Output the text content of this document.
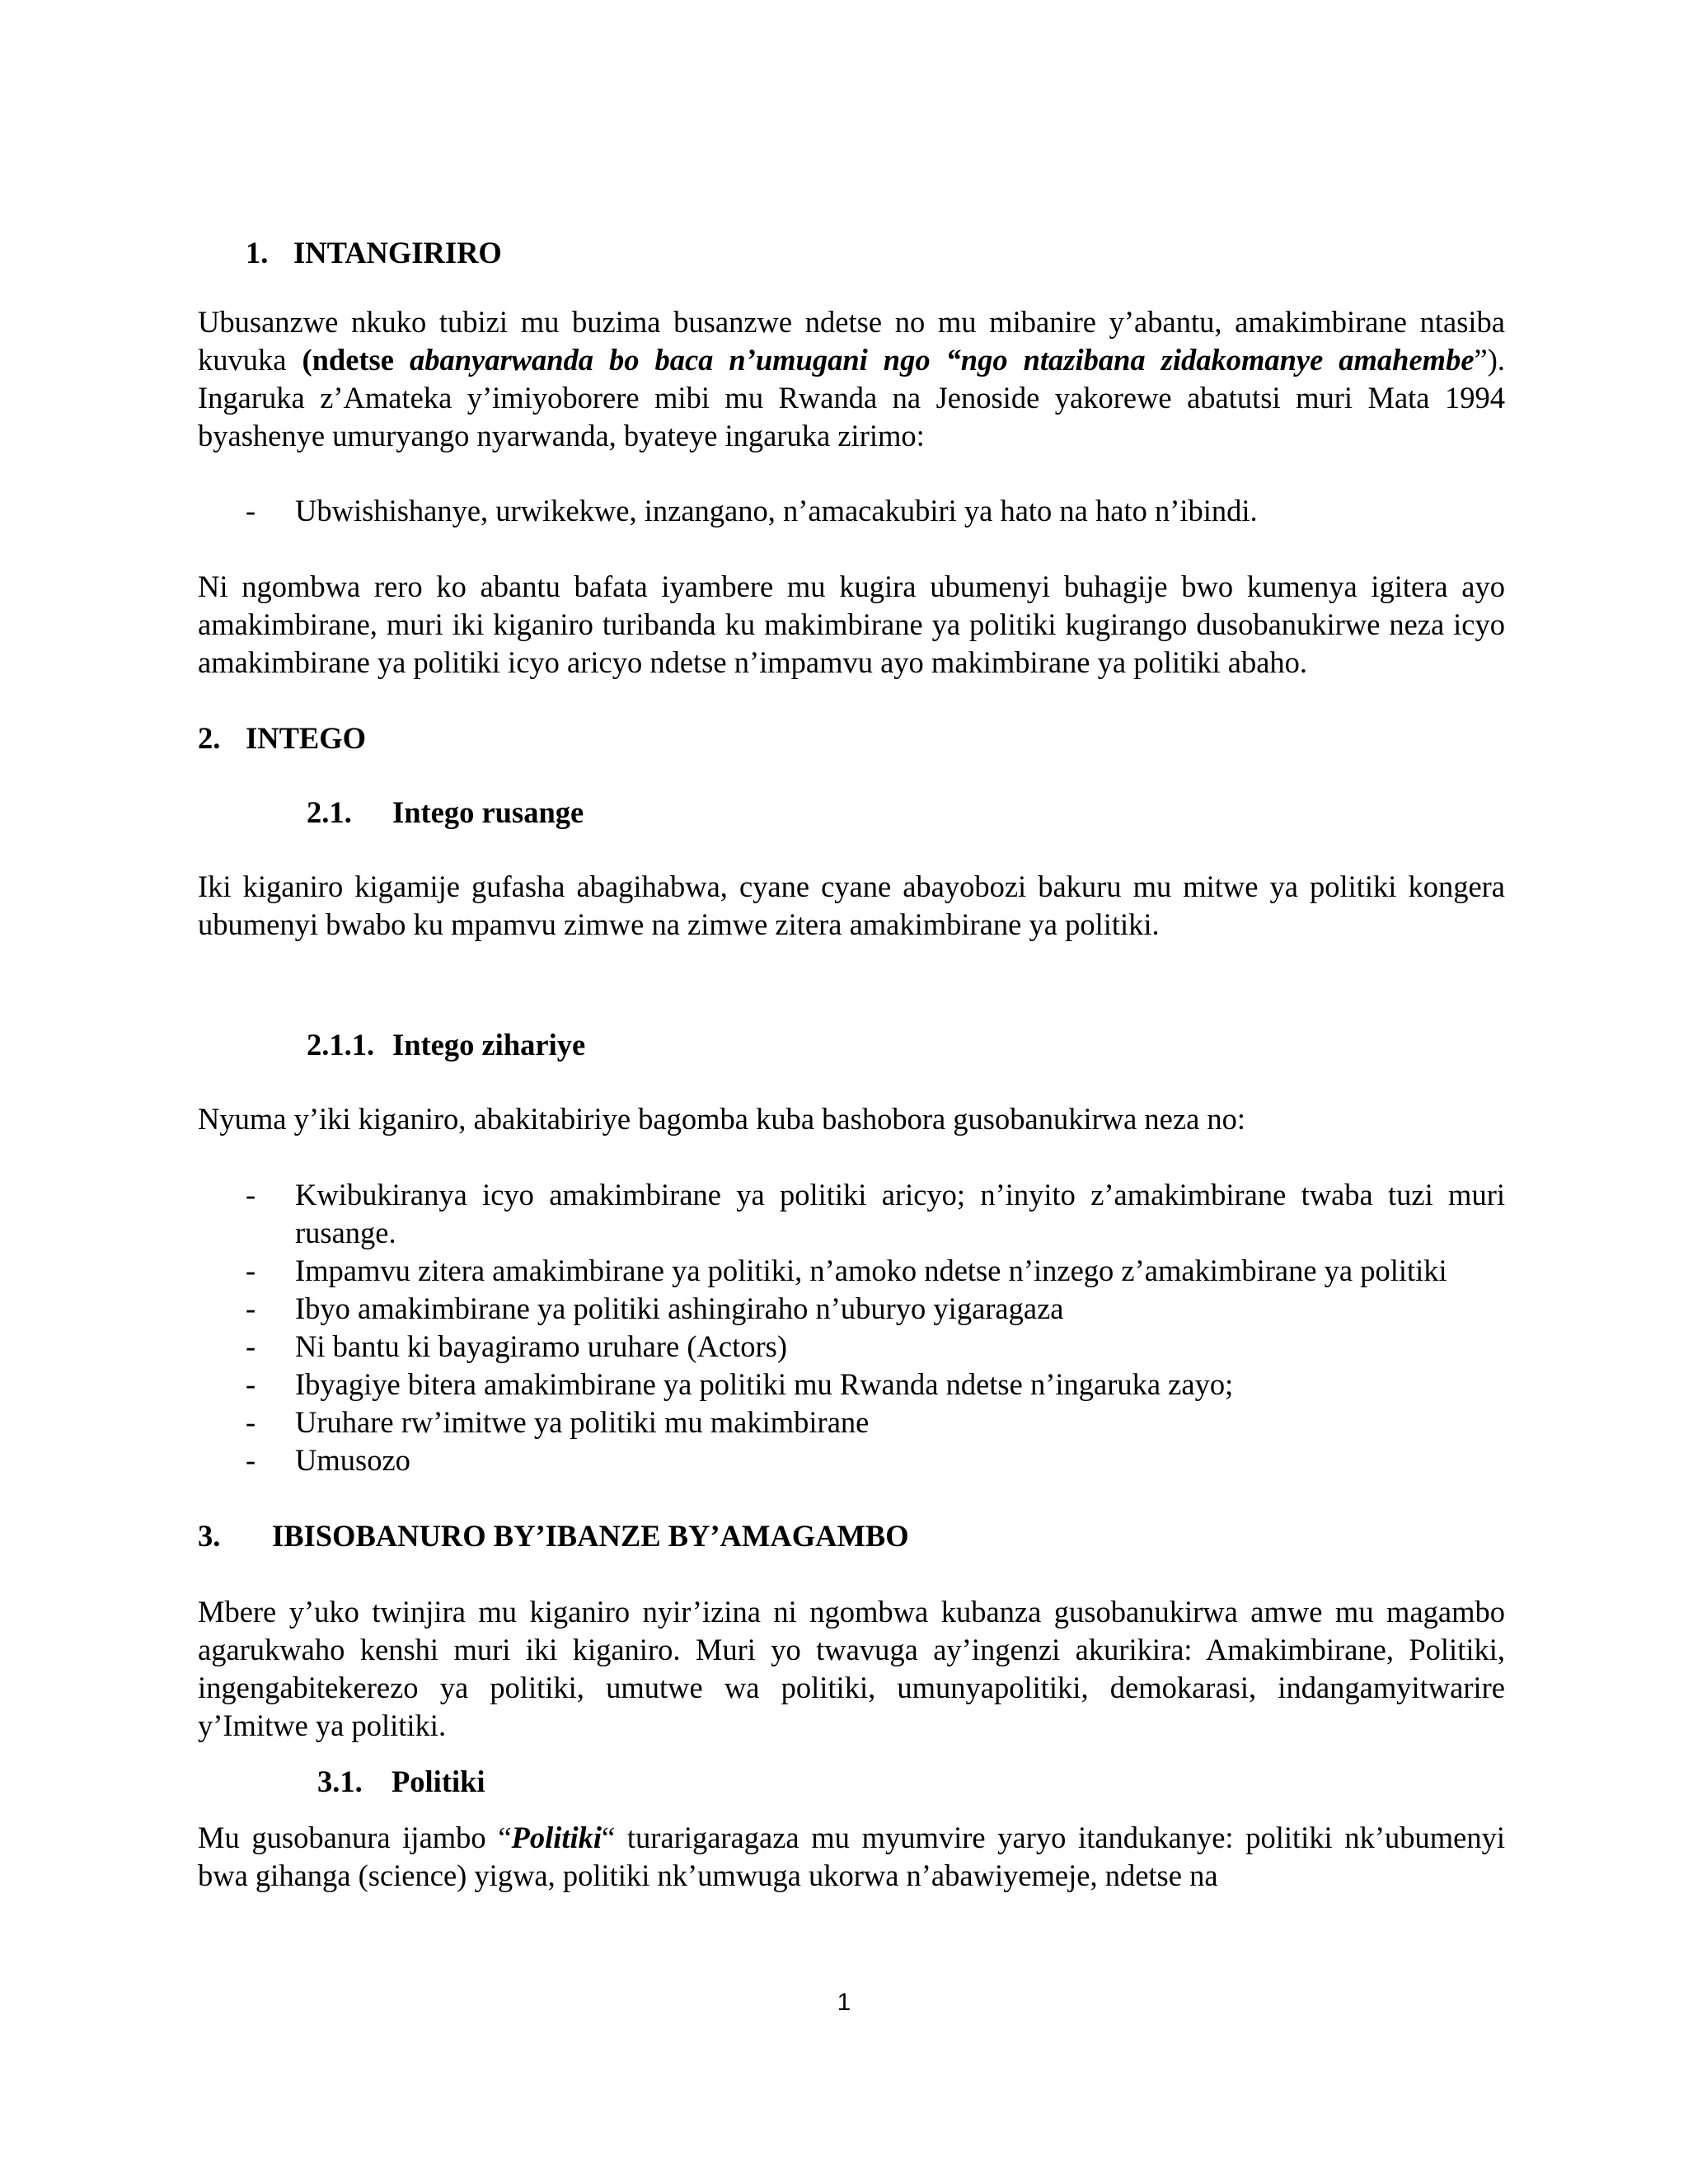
1. INTANGIRIRO

Ubusanzwe nkuko tubizi mu buzima busanzwe ndetse no mu mibanire y’abantu, amakimbirane ntasiba kuvuka (ndetse abanyarwanda bo baca n’umugani ngo “ngo ntazibana zidakomanye amahembe”). Ingaruka z’Amateka y’imiyoborere mibi mu Rwanda na Jenoside yakorewe abatutsi muri Mata 1994 byashenye umuryango nyarwanda, byateye ingaruka zirimo:

- Ubwishishanye, urwikekwe, inzangano, n’amacakubiri ya hato na hato n’ibindi.

Ni ngombwa rero ko abantu bafata iyambere mu kugira ubumenyi buhagije bwo kumenya igitera ayo amakimbirane, muri iki kiganiro turibanda ku makimbirane ya politiki kugirango dusobanukirwe neza icyo amakimbirane ya politiki icyo aricyo ndetse n’impamvu ayo makimbirane ya politiki abaho.

2. INTEGO
2.1. Intego rusange

Iki kiganiro kigamije gufasha abagihabwa, cyane cyane abayobozi bakuru mu mitwe ya politiki kongera ubumenyi bwabo ku mpamvu zimwe na zimwe zitera amakimbirane ya politiki.

2.1.1. Intego zihariye

Nyuma y’iki kiganiro, abakitabiriye bagomba kuba bashobora gusobanukirwa neza no:

- Kwibukiranya icyo amakimbirane ya politiki aricyo; n’inyito z’amakimbirane twaba tuzi muri rusange.
- Impamvu zitera amakimbirane ya politiki, n’amoko ndetse n’inzego z’amakimbirane ya politiki
- Ibyo amakimbirane ya politiki ashingiraho n’uburyo yigaragaza
- Ni bantu ki bayagiramo uruhare (Actors)
- Ibyagiye bitera amakimbirane ya politiki mu Rwanda ndetse n’ingaruka zayo;
- Uruhare rw’imitwe ya politiki mu makimbirane
- Umusozo
3. IBISOBANURO BY’IBANZE BY’AMAGAMBO

Mbere y’uko twinjira mu kiganiro nyir’izina ni ngombwa kubanza gusobanukirwa amwe mu magambo agarukwaho kenshi muri iki kiganiro. Muri yo twavuga ay’ingenzi akurikira: Amakimbirane, Politiki, ingengabitekerezo ya politiki, umutwe wa politiki, umunyapolitiki, demokarasi, indangamyitwarire y’Imitwe ya politiki.

3.1. Politiki

Mu gusobanura ijambo “Politiki“ turarigaragaza mu myumvire yaryo itandukanye: politiki nk’ubumenyi bwa gihanga (science) yigwa, politiki nk’umwuga ukorwa n’abawiyemeje, ndetse na

1
